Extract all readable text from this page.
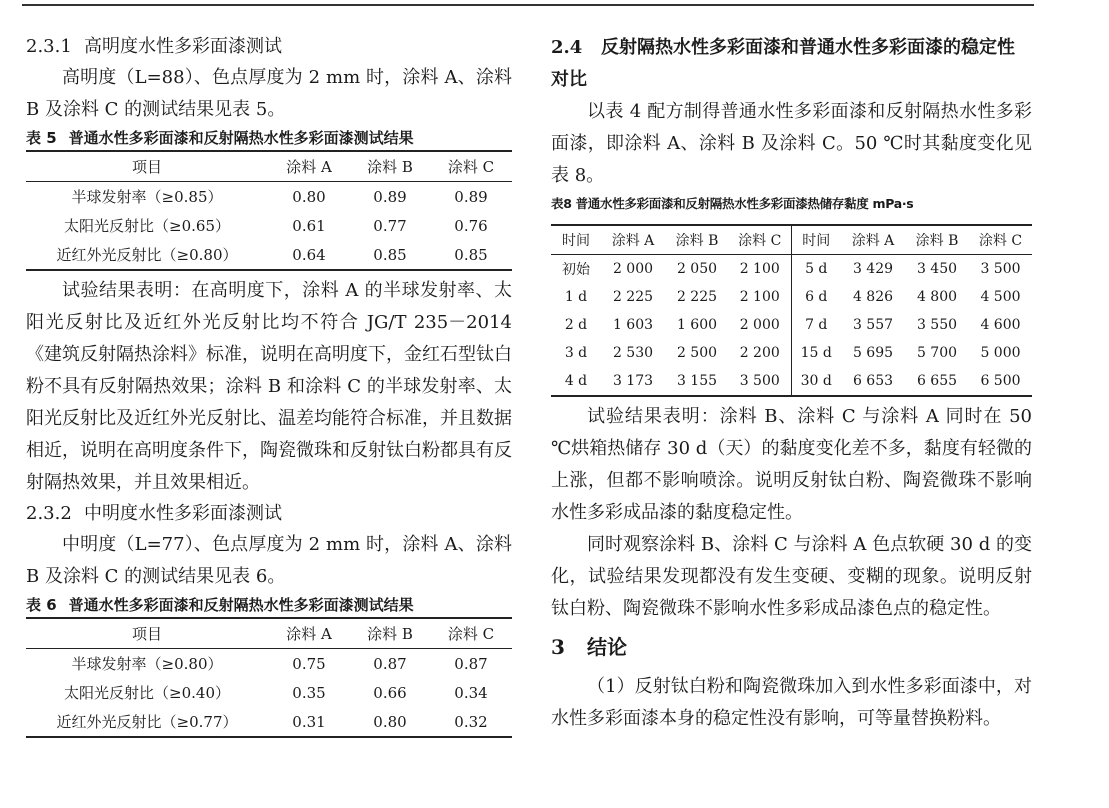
2.3.1 高明度水性多彩面漆测试
高明度（L=88）、色点厚度为 2 mm 时，涂料 A、涂料 B 及涂料 C 的测试结果见表 5。
表 5 普通水性多彩面漆和反射隔热水性多彩面漆测试结果
项目	涂料 A	涂料 B	涂料 C
半球发射率（≥0.85）	0.80	0.89	0.89
太阳光反射比（≥0.65）	0.61	0.77	0.76
近红外光反射比（≥0.80）	0.64	0.85	0.85
试验结果表明：在高明度下，涂料 A 的半球发射率、太阳光反射比及近红外光反射比均不符合 JG/T 235－2014《建筑反射隔热涂料》标准，说明在高明度下，金红石型钛白粉不具有反射隔热效果；涂料 B 和涂料 C 的半球发射率、太阳光反射比及近红外光反射比、温差均能符合标准，并且数据相近，说明在高明度条件下，陶瓷微珠和反射钛白粉都具有反射隔热效果，并且效果相近。
2.3.2 中明度水性多彩面漆测试
中明度（L=77）、色点厚度为 2 mm 时，涂料 A、涂料 B 及涂料 C 的测试结果见表 6。
表 6 普通水性多彩面漆和反射隔热水性多彩面漆测试结果
项目	涂料 A	涂料 B	涂料 C
半球发射率（≥0.80）	0.75	0.87	0.87
太阳光反射比（≥0.40）	0.35	0.66	0.34
近红外光反射比（≥0.77）	0.31	0.80	0.32
2.4 反射隔热水性多彩面漆和普通水性多彩面漆的稳定性对比
以表 4 配方制得普通水性多彩面漆和反射隔热水性多彩面漆，即涂料 A、涂料 B 及涂料 C。50 ℃时其黏度变化见表 8。
表8 普通水性多彩面漆和反射隔热水性多彩面漆热储存黏度 mPa·s
时间	涂料 A	涂料 B	涂料 C	时间	涂料 A	涂料 B	涂料 C
初始	2 000	2 050	2 100	5 d	3 429	3 450	3 500
1 d	2 225	2 225	2 100	6 d	4 826	4 800	4 500
2 d	1 603	1 600	2 000	7 d	3 557	3 550	4 600
3 d	2 530	2 500	2 200	15 d	5 695	5 700	5 000
4 d	3 173	3 155	3 500	30 d	6 653	6 655	6 500
试验结果表明：涂料 B、涂料 C 与涂料 A 同时在 50 ℃烘箱热储存 30 d（天）的黏度变化差不多，黏度有轻微的上涨，但都不影响喷涂。说明反射钛白粉、陶瓷微珠不影响水性多彩成品漆的黏度稳定性。
同时观察涂料 B、涂料 C 与涂料 A 色点软硬 30 d 的变化，试验结果发现都没有发生变硬、变糊的现象。说明反射钛白粉、陶瓷微珠不影响水性多彩成品漆色点的稳定性。
3 结论
（1）反射钛白粉和陶瓷微珠加入到水性多彩面漆中，对水性多彩面漆本身的稳定性没有影响，可等量替换粉料。
